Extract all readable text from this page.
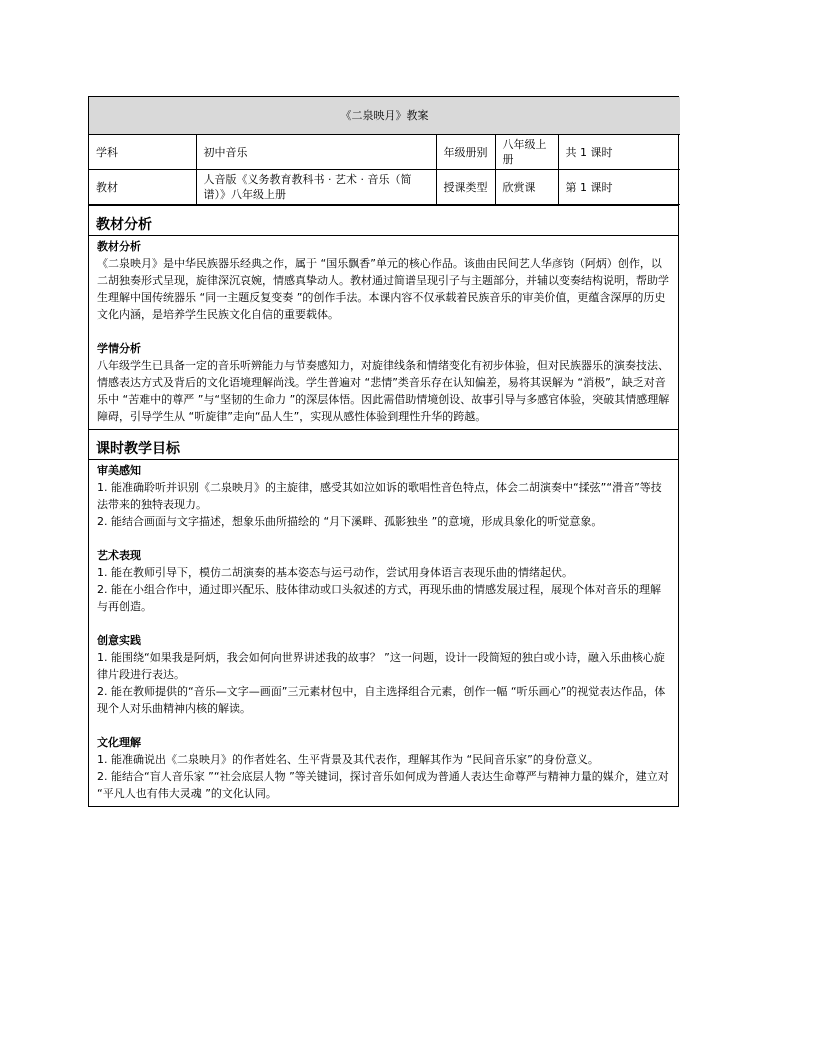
《二泉映月》教案				
学科	初中音乐	年级册别	八年级上册	共 1 课时
教材	人音版《义务教育教科书 · 艺术 · 音乐（简谱）》八年级上册	授课类型	欣赏课	第 1 课时
教材分析
教材分析

《二泉映月》是中华民族器乐经典之作，属于 “国乐飘香”单元的核心作品。该曲由民间艺人华彦钧（阿炳）创作，以二胡独奏形式呈现，旋律深沉哀婉，情感真挚动人。教材通过简谱呈现引子与主题部分，并辅以变奏结构说明，帮助学生理解中国传统器乐 “同一主题反复变奏 ”的创作手法。本课内容不仅承载着民族音乐的审美价值，更蕴含深厚的历史文化内涵，是培养学生民族文化自信的重要载体。

学情分析

八年级学生已具备一定的音乐听辨能力与节奏感知力，对旋律线条和情绪变化有初步体验，但对民族器乐的演奏技法、情感表达方式及背后的文化语境理解尚浅。学生普遍对 “悲情”类音乐存在认知偏差，易将其误解为 “消极”，缺乏对音乐中 “苦难中的尊严 ”与“坚韧的生命力 ”的深层体悟。因此需借助情境创设、故事引导与多感官体验，突破其情感理解障碍，引导学生从 “听旋律”走向“品人生”，实现从感性体验到理性升华的跨越。

课时教学目标
审美感知

1. 能准确聆听并识别《二泉映月》的主旋律，感受其如泣如诉的歌唱性音色特点，体会二胡演奏中“揉弦”“滑音”等技法带来的独特表现力。

2. 能结合画面与文字描述，想象乐曲所描绘的 “月下溪畔、孤影独坐 ”的意境，形成具象化的听觉意象。

艺术表现

1. 能在教师引导下，模仿二胡演奏的基本姿态与运弓动作，尝试用身体语言表现乐曲的情绪起伏。

2. 能在小组合作中，通过即兴配乐、肢体律动或口头叙述的方式，再现乐曲的情感发展过程，展现个体对音乐的理解与再创造。

创意实践

1. 能围绕“如果我是阿炳，我会如何向世界讲述我的故事？ ”这一问题，设计一段简短的独白或小诗，融入乐曲核心旋律片段进行表达。

2. 能在教师提供的“音乐—文字—画面”三元素材包中，自主选择组合元素，创作一幅 “听乐画心”的视觉表达作品，体现个人对乐曲精神内核的解读。

文化理解

1. 能准确说出《二泉映月》的作者姓名、生平背景及其代表作，理解其作为 “民间音乐家”的身份意义。

2. 能结合“盲人音乐家 ”“社会底层人物 ”等关键词，探讨音乐如何成为普通人表达生命尊严与精神力量的媒介，建立对 “平凡人也有伟大灵魂 ”的文化认同。
